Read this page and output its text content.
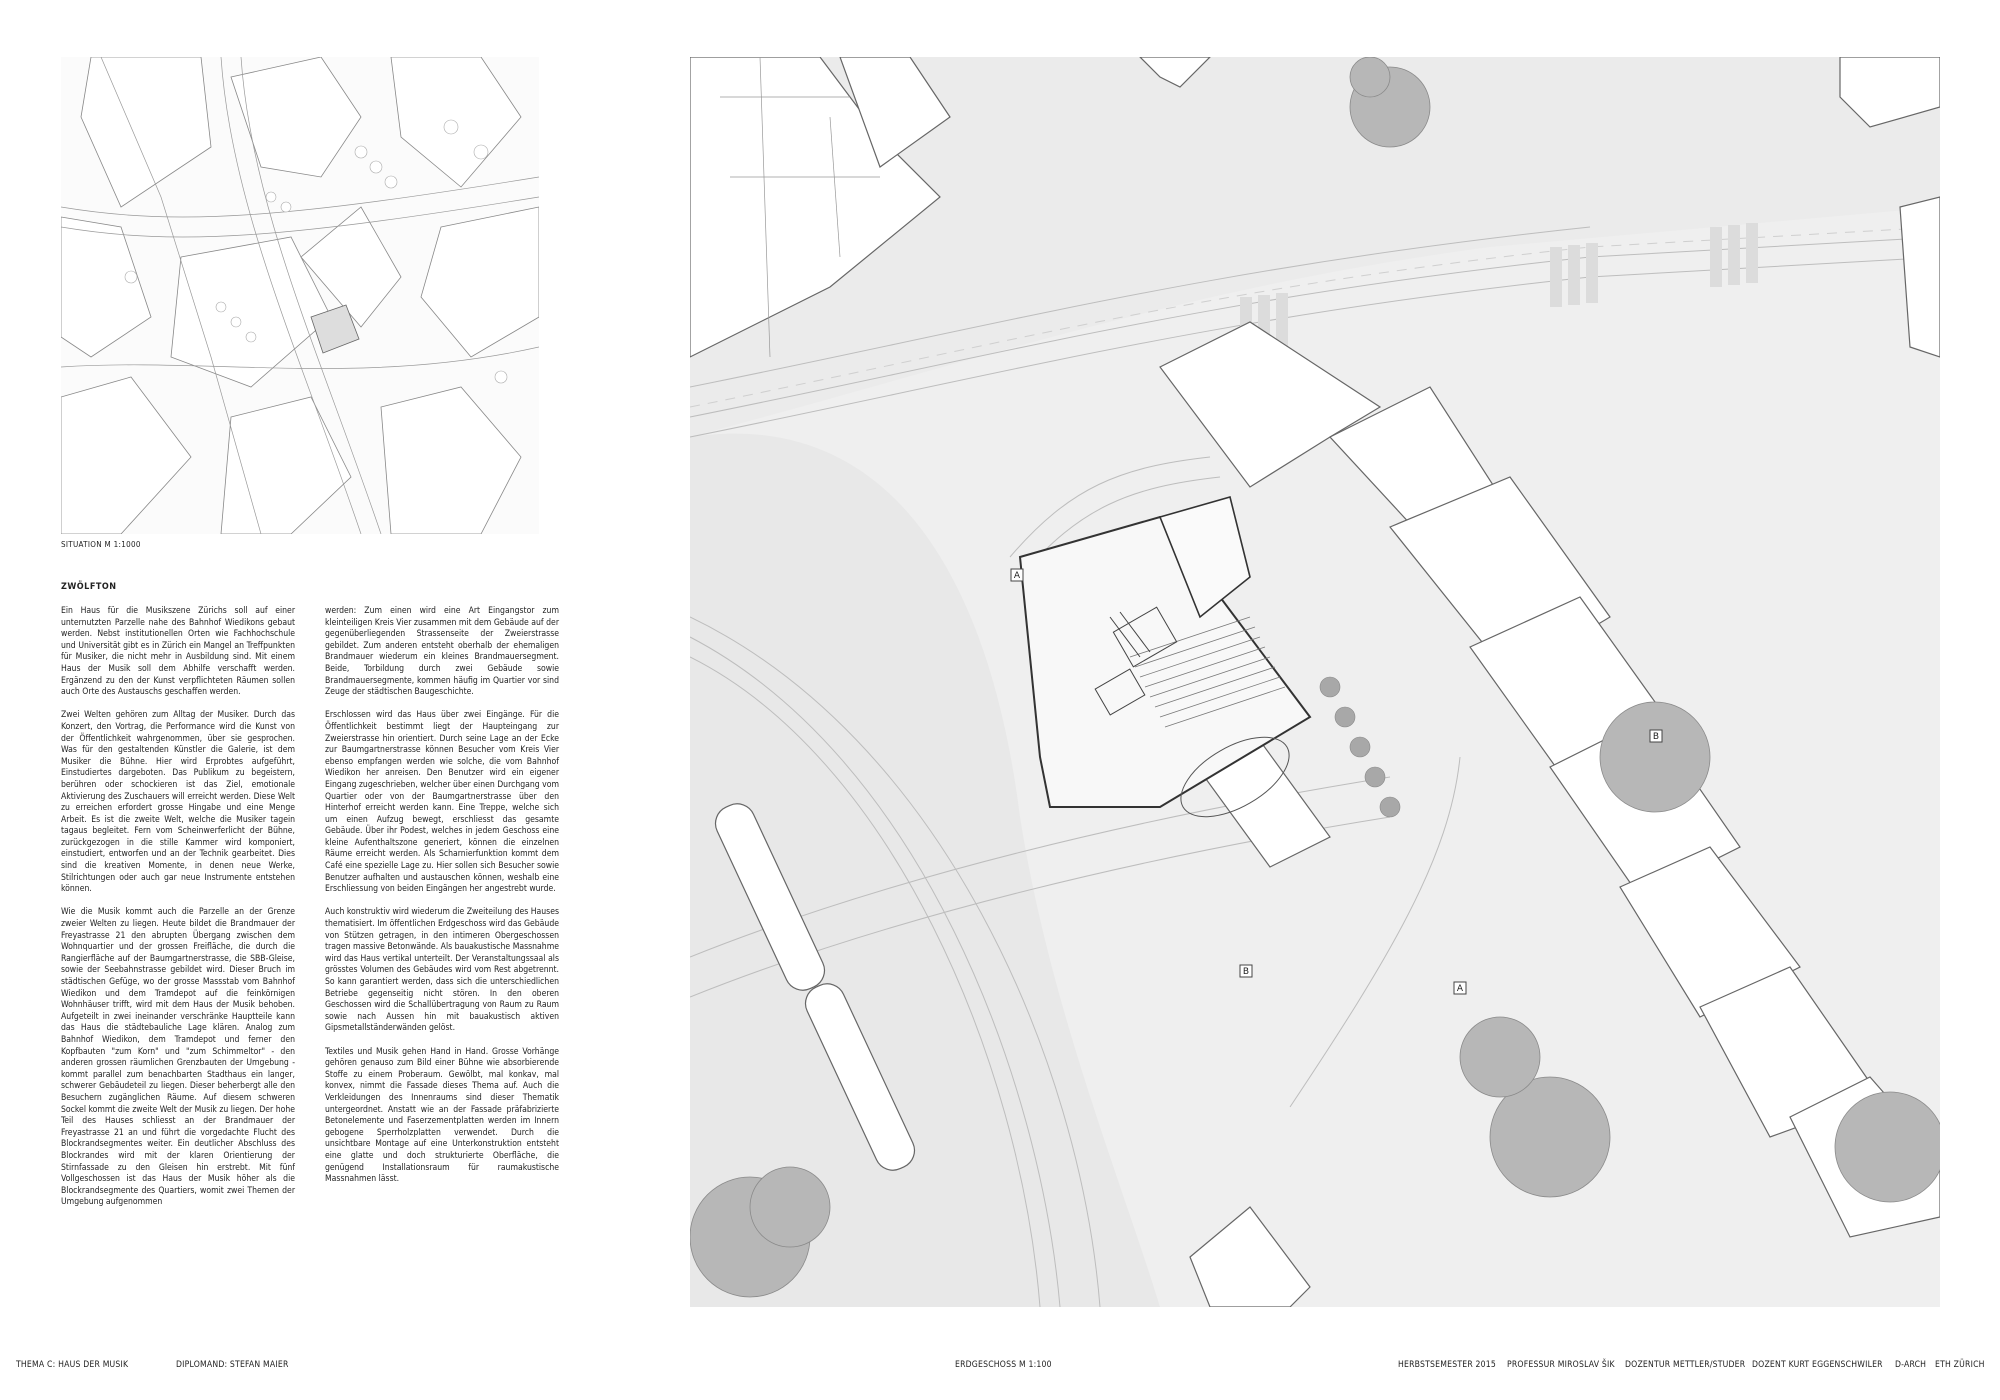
SITUATION M 1:1000
ZWÖLFTON

Ein Haus für die Musikszene Zürichs soll auf einer unternutzten Parzelle nahe des Bahnhof Wiedikons gebaut werden. Nebst institutionellen Orten wie Fachhochschule und Universität gibt es in Zürich ein Mangel an Treffpunkten für Musiker, die nicht mehr in Ausbildung sind. Mit einem Haus der Musik soll dem Abhilfe verschafft werden. Ergänzend zu den der Kunst verpflichteten Räumen sollen auch Orte des Austauschs geschaffen werden.

Zwei Welten gehören zum Alltag der Musiker. Durch das Konzert, den Vortrag, die Performance wird die Kunst von der Öffentlichkeit wahrgenommen, über sie gesprochen. Was für den gestaltenden Künstler die Galerie, ist dem Musiker die Bühne. Hier wird Erprobtes aufgeführt, Einstudiertes dargeboten. Das Publikum zu begeistern, berühren oder schockieren ist das Ziel, emotionale Aktivierung des Zuschauers will erreicht werden. Diese Welt zu erreichen erfordert grosse Hingabe und eine Menge Arbeit. Es ist die zweite Welt, welche die Musiker tagein tagaus begleitet. Fern vom Scheinwerferlicht der Bühne, zurückgezogen in die stille Kammer wird komponiert, einstudiert, entworfen und an der Technik gearbeitet. Dies sind die kreativen Momente, in denen neue Werke, Stilrichtungen oder auch gar neue Instrumente entstehen können.

Wie die Musik kommt auch die Parzelle an der Grenze zweier Welten zu liegen. Heute bildet die Brandmauer der Freyastrasse 21 den abrupten Übergang zwischen dem Wohnquartier und der grossen Freifläche, die durch die Rangierfläche auf der Baumgartnerstrasse, die SBB-Gleise, sowie der Seebahnstrasse gebildet wird. Dieser Bruch im städtischen Gefüge, wo der grosse Massstab vom Bahnhof Wiedikon und dem Tramdepot auf die feinkörnigen Wohnhäuser trifft, wird mit dem Haus der Musik behoben. Aufgeteilt in zwei ineinander verschränke Hauptteile kann das Haus die städtebauliche Lage klären. Analog zum Bahnhof Wiedikon, dem Tramdepot und ferner den Kopfbauten "zum Korn" und "zum Schimmeltor" - den anderen grossen räumlichen Grenzbauten der Umgebung - kommt parallel zum benachbarten Stadthaus ein langer, schwerer Gebäudeteil zu liegen. Dieser beherbergt alle den Besuchern zugänglichen Räume. Auf diesem schweren Sockel kommt die zweite Welt der Musik zu liegen. Der hohe Teil des Hauses schliesst an der Brandmauer der Freyastrasse 21 an und führt die vorgedachte Flucht des Blockrandsegmentes weiter. Ein deutlicher Abschluss des Blockrandes wird mit der klaren Orientierung der Stirnfassade zu den Gleisen hin erstrebt. Mit fünf Vollgeschossen ist das Haus der Musik höher als die Blockrandsegmente des Quartiers, womit zwei Themen der Umgebung aufgenommen

werden: Zum einen wird eine Art Eingangstor zum kleinteiligen Kreis Vier zusammen mit dem Gebäude auf der gegenüberliegenden Strassenseite der Zweierstrasse gebildet. Zum anderen entsteht oberhalb der ehemaligen Brandmauer wiederum ein kleines Brandmauersegment. Beide, Torbildung durch zwei Gebäude sowie Brandmauersegmente, kommen häufig im Quartier vor sind Zeuge der städtischen Baugeschichte.

Erschlossen wird das Haus über zwei Eingänge. Für die Öffentlichkeit bestimmt liegt der Haupteingang zur Zweierstrasse hin orientiert. Durch seine Lage an der Ecke zur Baumgartnerstrasse können Besucher vom Kreis Vier ebenso empfangen werden wie solche, die vom Bahnhof Wiedikon her anreisen. Den Benutzer wird ein eigener Eingang zugeschrieben, welcher über einen Durchgang vom Quartier oder von der Baumgartnerstrasse über den Hinterhof erreicht werden kann. Eine Treppe, welche sich um einen Aufzug bewegt, erschliesst das gesamte Gebäude. Über ihr Podest, welches in jedem Geschoss eine kleine Aufenthaltszone generiert, können die einzelnen Räume erreicht werden. Als Scharnierfunktion kommt dem Café eine spezielle Lage zu. Hier sollen sich Besucher sowie Benutzer aufhalten und austauschen können, weshalb eine Erschliessung von beiden Eingängen her angestrebt wurde.

Auch konstruktiv wird wiederum die Zweiteilung des Hauses thematisiert. Im öffentlichen Erdgeschoss wird das Gebäude von Stützen getragen, in den intimeren Obergeschossen tragen massive Betonwände. Als bauakustische Massnahme wird das Haus vertikal unterteilt. Der Veranstaltungssaal als grösstes Volumen des Gebäudes wird vom Rest abgetrennt. So kann garantiert werden, dass sich die unterschiedlichen Betriebe gegenseitig nicht stören. In den oberen Geschossen wird die Schallübertragung von Raum zu Raum sowie nach Aussen hin mit bauakustisch aktiven Gipsmetallständerwänden gelöst.

Textiles und Musik gehen Hand in Hand. Grosse Vorhänge gehören genauso zum Bild einer Bühne wie absorbierende Stoffe zu einem Proberaum. Gewölbt, mal konkav, mal konvex, nimmt die Fassade dieses Thema auf. Auch die Verkleidungen des Innenraums sind dieser Thematik untergeordnet. Anstatt wie an der Fassade präfabrizierte Betonelemente und Faserzementplatten werden im Innern gebogene Sperrholzplatten verwendet. Durch die unsichtbare Montage auf eine Unterkonstruktion entsteht eine glatte und doch strukturierte Oberfläche, die genügend Installationsraum für raumakustische Massnahmen lässt.

A
A
B
B
THEMA C: HAUS DER MUSIK	DIPLOMAND: STEFAN MAIER	ERDGESCHOSS M 1:100	HERBSTSEMESTER 2015 PROFESSUR MIROSLAV ŠIK DOZENTUR METTLER/STUDER DOZENT KURT EGGENSCHWILER D-ARCH ETH ZÜRICH
